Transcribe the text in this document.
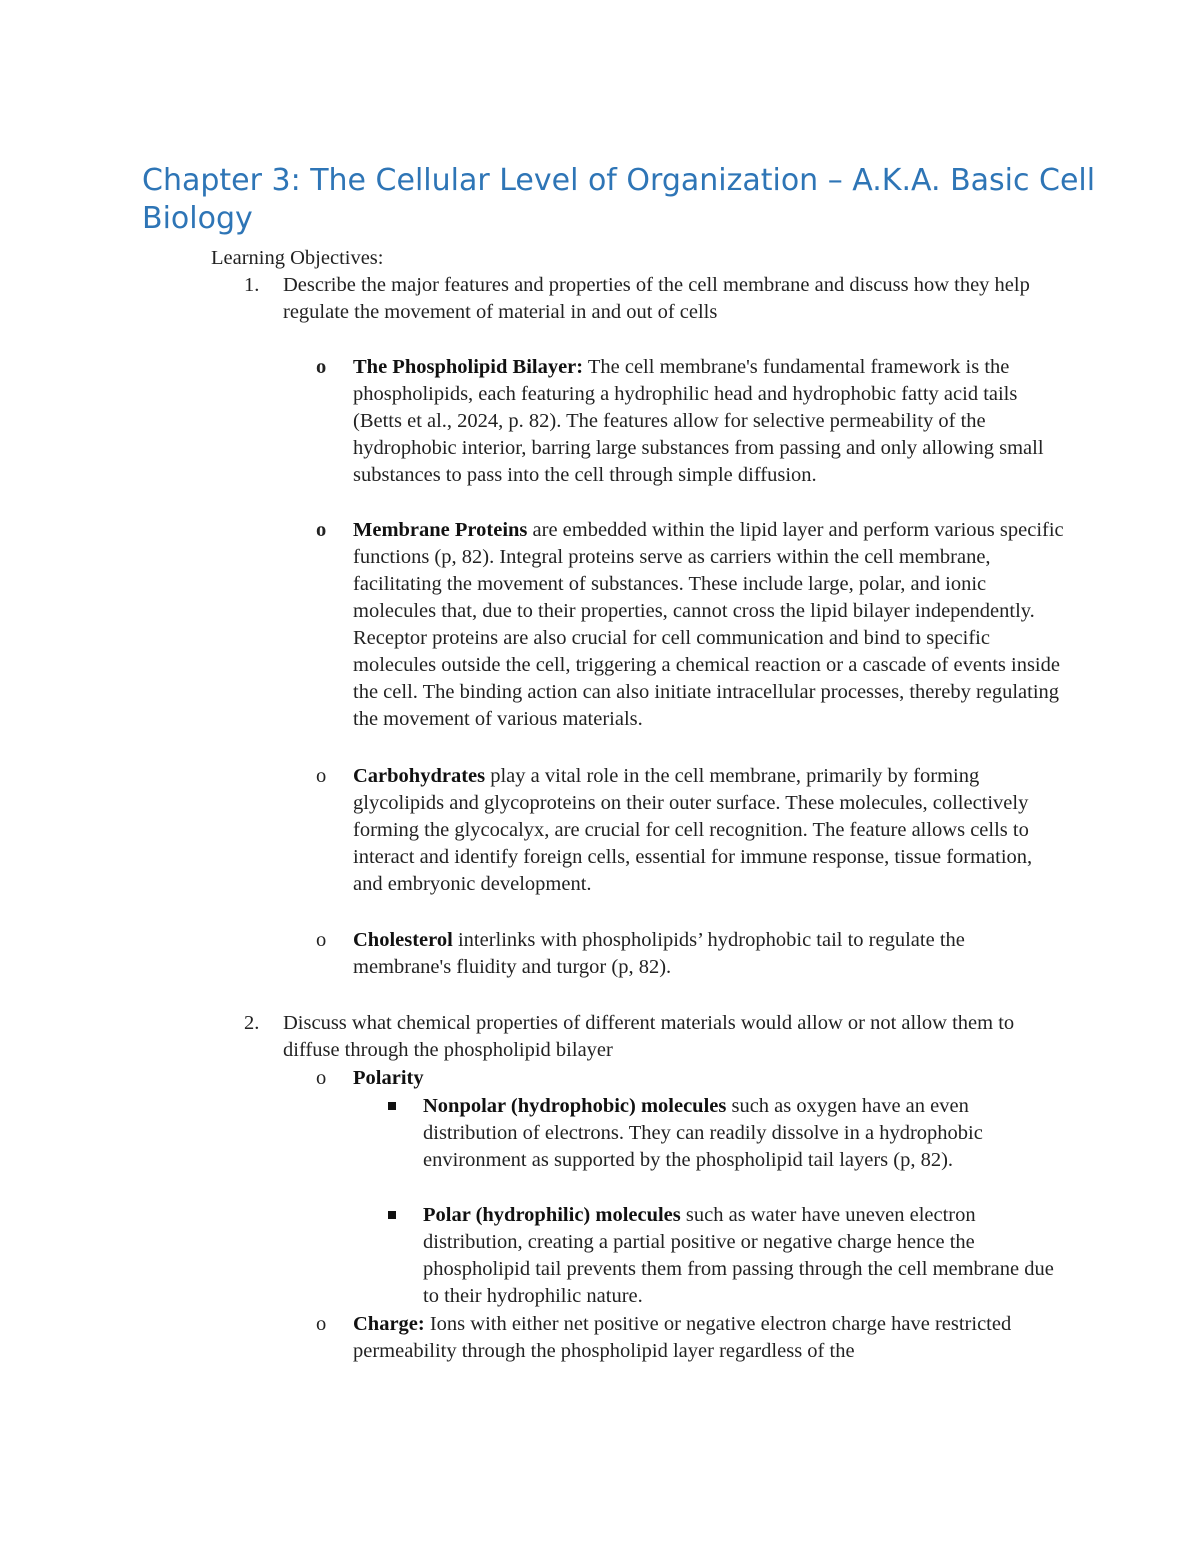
Chapter 3: The Cellular Level of Organization – A.K.A. Basic Cell Biology
Learning Objectives:
1. Describe the major features and properties of the cell membrane and discuss how they help regulate the movement of material in and out of cells
o	The Phospholipid Bilayer: The cell membrane's fundamental framework is the phospholipids, each featuring a hydrophilic head and hydrophobic fatty acid tails (Betts et al., 2024, p. 82). The features allow for selective permeability of the hydrophobic interior, barring large substances from passing and only allowing small substances to pass into the cell through simple diffusion.
o	Membrane Proteins are embedded within the lipid layer and perform various specific functions (p, 82). Integral proteins serve as carriers within the cell membrane, facilitating the movement of substances. These include large, polar, and ionic molecules that, due to their properties, cannot cross the lipid bilayer independently. Receptor proteins are also crucial for cell communication and bind to specific molecules outside the cell, triggering a chemical reaction or a cascade of events inside the cell. The binding action can also initiate intracellular processes, thereby regulating the movement of various materials.
o	Carbohydrates play a vital role in the cell membrane, primarily by forming glycolipids and glycoproteins on their outer surface. These molecules, collectively forming the glycocalyx, are crucial for cell recognition. The feature allows cells to interact and identify foreign cells, essential for immune response, tissue formation, and embryonic development.
o	Cholesterol interlinks with phospholipids’ hydrophobic tail to regulate the membrane's fluidity and turgor (p, 82).
2. Discuss what chemical properties of different materials would allow or not allow them to diffuse through the phospholipid bilayer
o	Polarity
Nonpolar (hydrophobic) molecules such as oxygen have an even distribution of electrons. They can readily dissolve in a hydrophobic environment as supported by the phospholipid tail layers (p, 82).
Polar (hydrophilic) molecules such as water have uneven electron distribution, creating a partial positive or negative charge hence the phospholipid tail prevents them from passing through the cell membrane due to their hydrophilic nature.
o	Charge: Ions with either net positive or negative electron charge have restricted permeability through the phospholipid layer regardless of the
